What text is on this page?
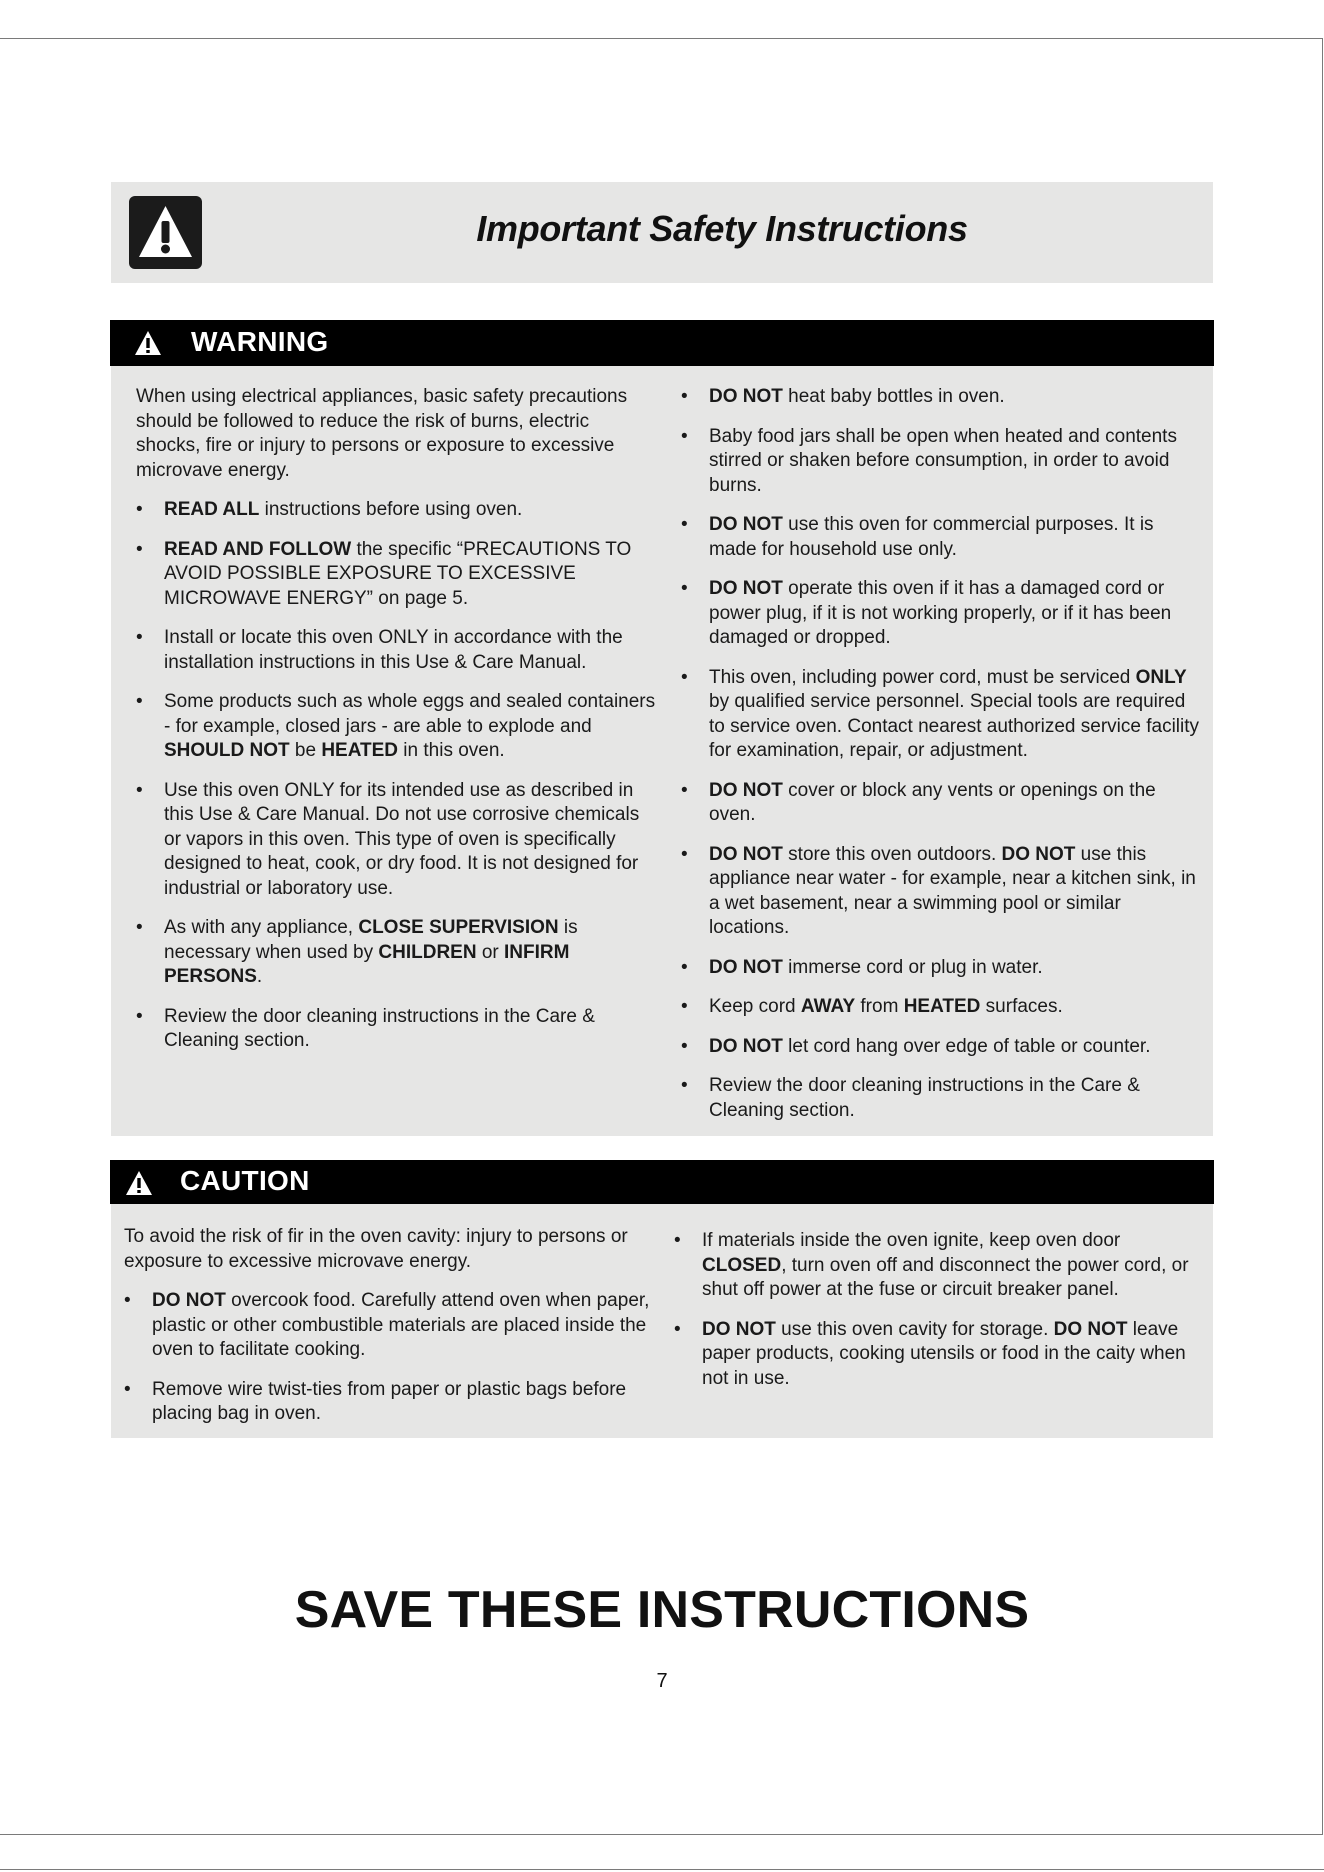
Important Safety Instructions
WARNING

When using electrical appliances, basic safety precautions should be followed to reduce the risk of burns, electric shocks, fire or injury to persons or exposure to excessive microvave energy.

• READ ALL instructions before using oven.
• READ AND FOLLOW the specific “PRECAUTIONS TO AVOID POSSIBLE EXPOSURE TO EXCESSIVE MICROWAVE ENERGY” on page 5.
• Install or locate this oven ONLY in accordance with the installation instructions in this Use & Care Manual.
• Some products such as whole eggs and sealed containers - for example, closed jars - are able to explode and SHOULD NOT be HEATED in this oven.
• Use this oven ONLY for its intended use as described in this Use & Care Manual. Do not use corrosive chemicals or vapors in this oven. This type of oven is specifically designed to heat, cook, or dry food. It is not designed for industrial or laboratory use.
• As with any appliance, CLOSE SUPERVISION is necessary when used by CHILDREN or INFIRM PERSONS.
• Review the door cleaning instructions in the Care & Cleaning section.
• DO NOT heat baby bottles in oven.
• Baby food jars shall be open when heated and contents stirred or shaken before consumption, in order to avoid burns.
• DO NOT use this oven for commercial purposes. It is made for household use only.
• DO NOT operate this oven if it has a damaged cord or power plug, if it is not working properly, or if it has been damaged or dropped.
• This oven, including power cord, must be serviced ONLY by qualified service personnel. Special tools are required to service oven. Contact nearest authorized service facility for examination, repair, or adjustment.
• DO NOT cover or block any vents or openings on the oven.
• DO NOT store this oven outdoors. DO NOT use this appliance near water - for example, near a kitchen sink, in a wet basement, near a swimming pool or similar locations.
• DO NOT immerse cord or plug in water.
• Keep cord AWAY from HEATED surfaces.
• DO NOT let cord hang over edge of table or counter.
• Review the door cleaning instructions in the Care & Cleaning section.
CAUTION

To avoid the risk of fir in the oven cavity: injury to persons or exposure to excessive microvave energy.

• DO NOT overcook food. Carefully attend oven when paper, plastic or other combustible materials are placed inside the oven to facilitate cooking.
• Remove wire twist-ties from paper or plastic bags before placing bag in oven.
• If materials inside the oven ignite, keep oven door CLOSED, turn oven off and disconnect the power cord, or shut off power at the fuse or circuit breaker panel.
• DO NOT use this oven cavity for storage. DO NOT leave paper products, cooking utensils or food in the caity when not in use.
SAVE THESE INSTRUCTIONS
7
